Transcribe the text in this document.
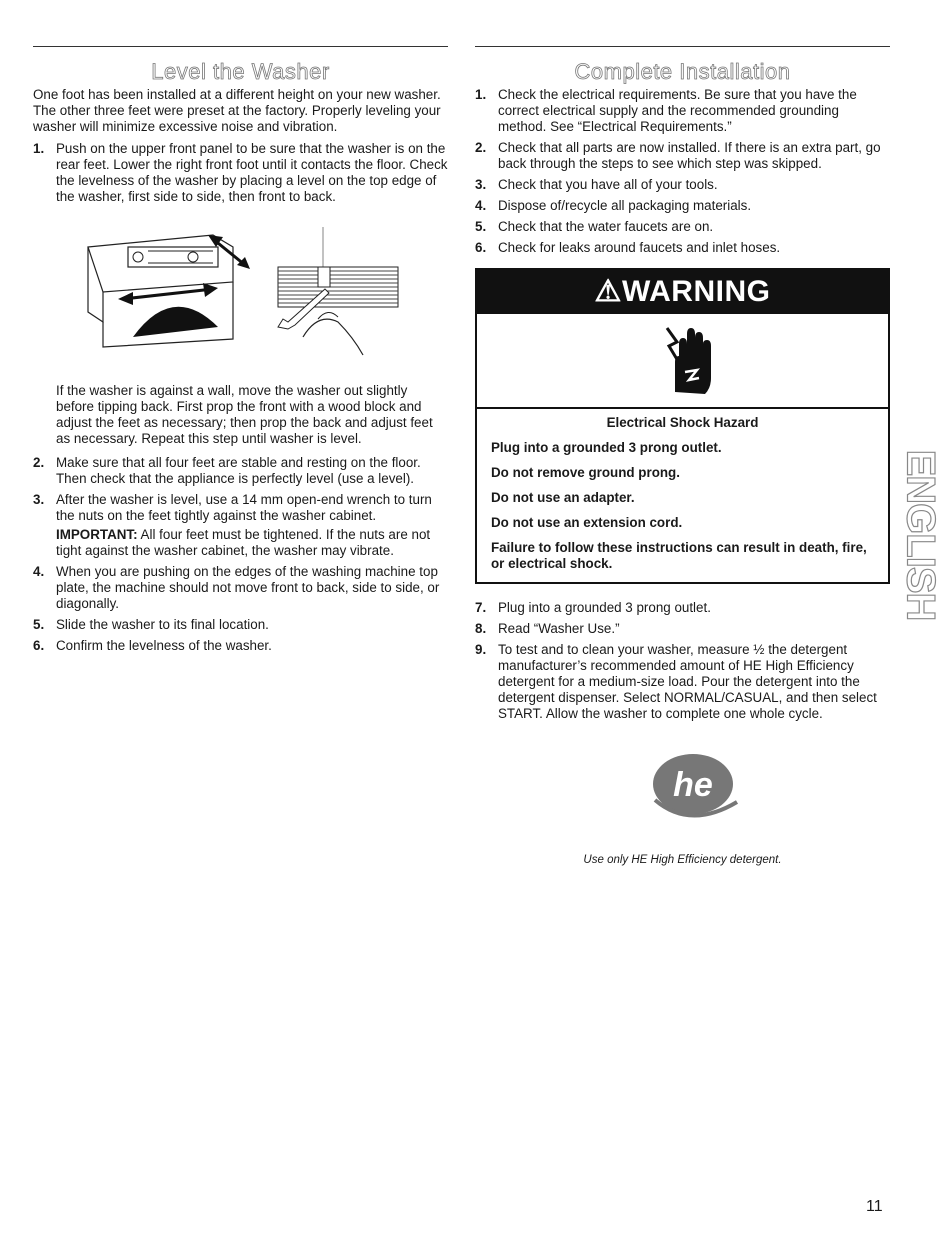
Level the Washer

One foot has been installed at a different height on your new washer. The other three feet were preset at the factory. Properly leveling your washer will minimize excessive noise and vibration.

1. Push on the upper front panel to be sure that the washer is on the rear feet. Lower the right front foot until it contacts the floor. Check the levelness of the washer by placing a level on the top edge of the washer, first side to side, then front to back.
If the washer is against a wall, move the washer out slightly before tipping back. First prop the front with a wood block and adjust the feet as necessary; then prop the back and adjust feet as necessary. Repeat this step until washer is level.
2. Make sure that all four feet are stable and resting on the floor. Then check that the appliance is perfectly level (use a level).
3. After the washer is level, use a 14 mm open-end wrench to turn the nuts on the feet tightly against the washer cabinet.
IMPORTANT: All four feet must be tightened. If the nuts are not tight against the washer cabinet, the washer may vibrate.
4. When you are pushing on the edges of the washing machine top plate, the machine should not move front to back, side to side, or diagonally.
5. Slide the washer to its final location.
6. Confirm the levelness of the washer.
Complete Installation
1. Check the electrical requirements. Be sure that you have the correct electrical supply and the recommended grounding method. See “Electrical Requirements.”
2. Check that all parts are now installed. If there is an extra part, go back through the steps to see which step was skipped.
3. Check that you have all of your tools.
4. Dispose of/recycle all packaging materials.
5. Check that the water faucets are on.
6. Check for leaks around faucets and inlet hoses.
⚠WARNING
Electrical Shock Hazard
Plug into a grounded 3 prong outlet.
Do not remove ground prong.
Do not use an adapter.
Do not use an extension cord.
Failure to follow these instructions can result in death, fire, or electrical shock.
7. Plug into a grounded 3 prong outlet.
8. Read “Washer Use.”
9. To test and to clean your washer, measure ½ the detergent manufacturer’s recommended amount of HE High Efficiency detergent for a medium-size load. Pour the detergent into the detergent dispenser. Select NORMAL/CASUAL, and then select START. Allow the washer to complete one whole cycle.
he
Use only HE High Efficiency detergent.
ENGLISH
11
